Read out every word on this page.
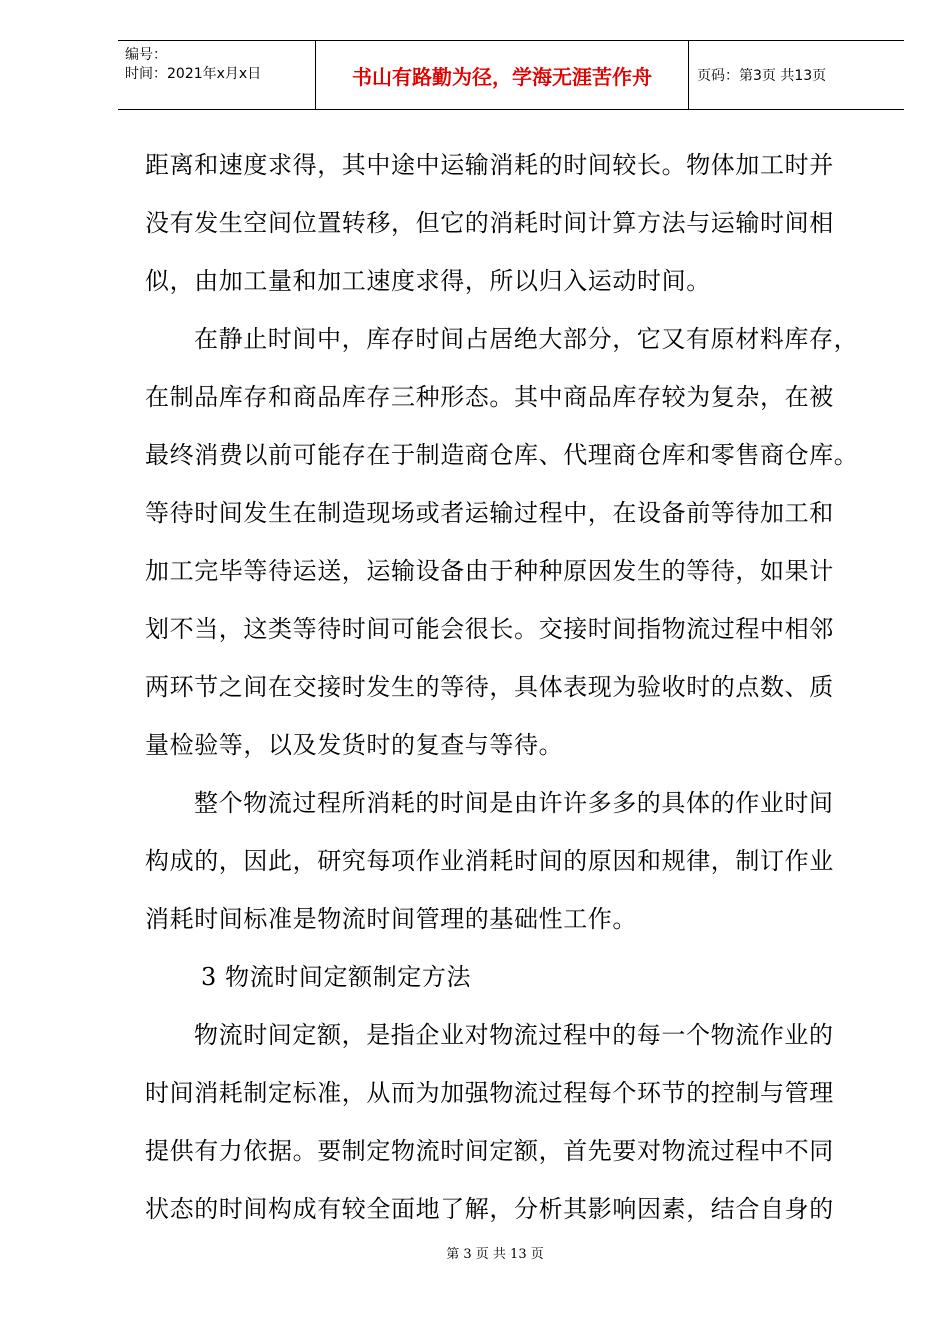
编号：
时间：2021年x月x日	书山有路勤为径，学海无涯苦作舟	页码：第3页 共13页
距离和速度求得，其中途中运输消耗的时间较长。物体加工时并
没有发生空间位置转移，但它的消耗时间计算方法与运输时间相
似，由加工量和加工速度求得，所以归入运动时间。
在静止时间中，库存时间占居绝大部分，它又有原材料库存，
在制品库存和商品库存三种形态。其中商品库存较为复杂，在被
最终消费以前可能存在于制造商仓库、代理商仓库和零售商仓库。
等待时间发生在制造现场或者运输过程中，在设备前等待加工和
加工完毕等待运送，运输设备由于种种原因发生的等待，如果计
划不当，这类等待时间可能会很长。交接时间指物流过程中相邻
两环节之间在交接时发生的等待，具体表现为验收时的点数、质
量检验等，以及发货时的复查与等待。
整个物流过程所消耗的时间是由许许多多的具体的作业时间
构成的，因此，研究每项作业消耗时间的原因和规律，制订作业
消耗时间标准是物流时间管理的基础性工作。
3 物流时间定额制定方法
物流时间定额，是指企业对物流过程中的每一个物流作业的
时间消耗制定标准，从而为加强物流过程每个环节的控制与管理
提供有力依据。要制定物流时间定额，首先要对物流过程中不同
状态的时间构成有较全面地了解，分析其影响因素，结合自身的
第 3 页 共 13 页
